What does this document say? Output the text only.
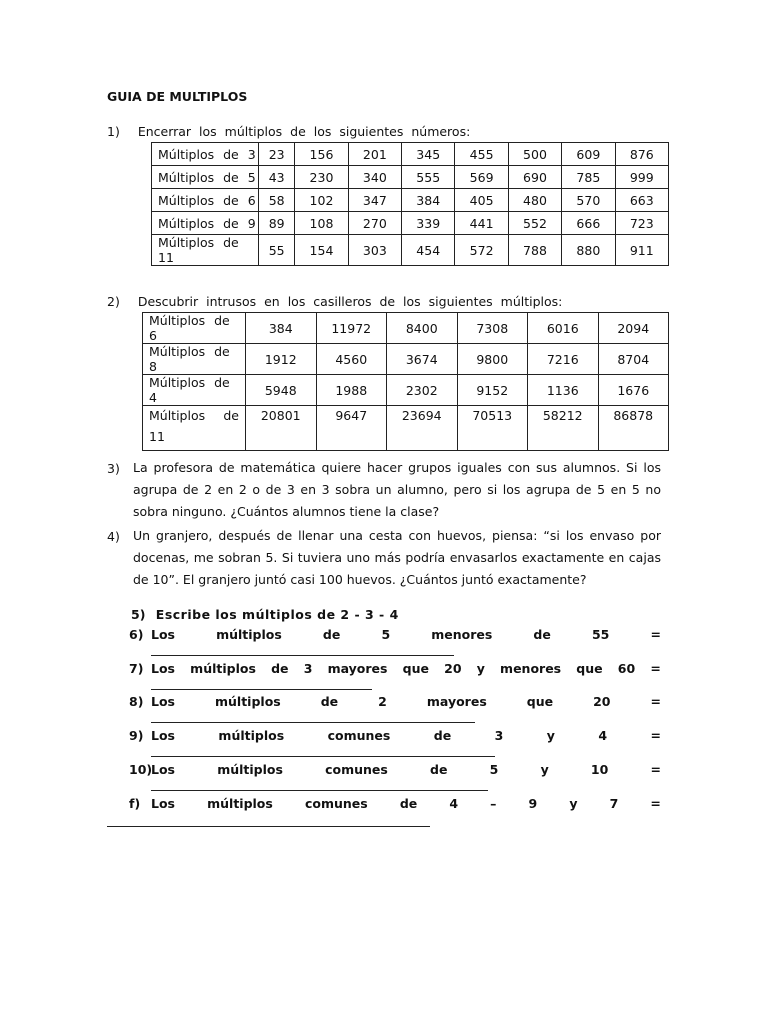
GUIA DE MULTIPLOS
1) Encerrar los múltiplos de los siguientes números:
Múltiplos de 3	23	156	201	345	455	500	609	876
Múltiplos de 5	43	230	340	555	569	690	785	999
Múltiplos de 6	58	102	347	384	405	480	570	663
Múltiplos de 9	89	108	270	339	441	552	666	723
Múltiplos de 11	55	154	303	454	572	788	880	911
2) Descubrir intrusos en los casilleros de los siguientes múltiplos:
Múltiplos de 6	384	11972	8400	7308	6016	2094
Múltiplos de 8	1912	4560	3674	9800	7216	8704
Múltiplos de 4	5948	1988	2302	9152	1136	1676

Múltiplos de
11	20801	9647	23694	70513	58212	86878
3) La profesora de matemática quiere hacer grupos iguales con sus alumnos. Si los agrupa de 2 en 2 o de 3 en 3 sobra un alumno, pero si los agrupa de 5 en 5 no sobra ninguno. ¿Cuántos alumnos tiene la clase?
4) Un granjero, después de llenar una cesta con huevos, piensa: “si los envaso por docenas, me sobran 5. Si tuviera uno más podría envasarlos exactamente en cajas de 10”. El granjero juntó casi 100 huevos. ¿Cuántos juntó exactamente?
5) Escribe los múltiplos de 2 - 3 - 4
6) Los	múltiplos	de	5	menores	de	55	=
7) Los múltiplos de 3 mayores que 20 y menores que 60 =
8) Los	múltiplos	de	2	mayores	que	20	=
9) Los	múltiplos	comunes	de	3	y	4	=
10)
Los	múltiplos	comunes	de	5	y	10	=
f) Los	múltiplos	comunes	de	4	–	9	y	7	=
